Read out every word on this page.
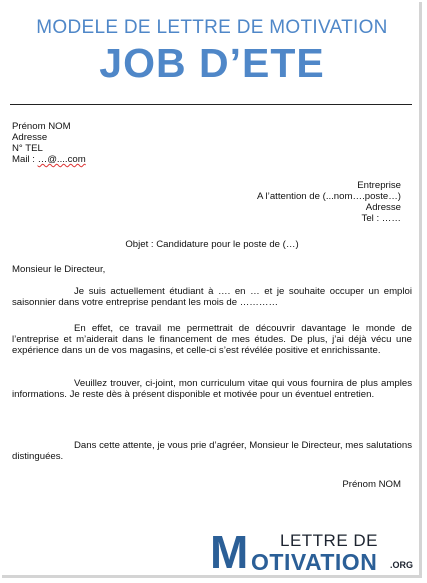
MODELE DE LETTRE DE MOTIVATION
JOB D’ETE
Prénom NOM
Adresse
N° TEL
Mail : …@....com
Entreprise
A l’attention de (...nom….poste…)
Adresse
Tel : ……
Objet : Candidature pour le poste de (…)
Monsieur le Directeur,
Je suis actuellement étudiant à …. en … et je souhaite occuper un emploi saisonnier dans votre entreprise pendant les mois de …………
En effet, ce travail me permettrait de découvrir davantage le monde de l’entreprise et m’aiderait dans le financement de mes études. De plus, j’ai déjà vécu une expérience dans un de vos magasins, et celle-ci s’est révélée positive et enrichissante.
Veuillez trouver, ci-joint, mon curriculum vitae qui vous fournira de plus amples informations. Je reste dès à présent disponible et motivée pour un éventuel entretien.
Dans cette attente, je vous prie d’agréer, Monsieur le Directeur, mes salutations distinguées.
Prénom NOM
LETTRE DE
M OTIVATION .ORG
